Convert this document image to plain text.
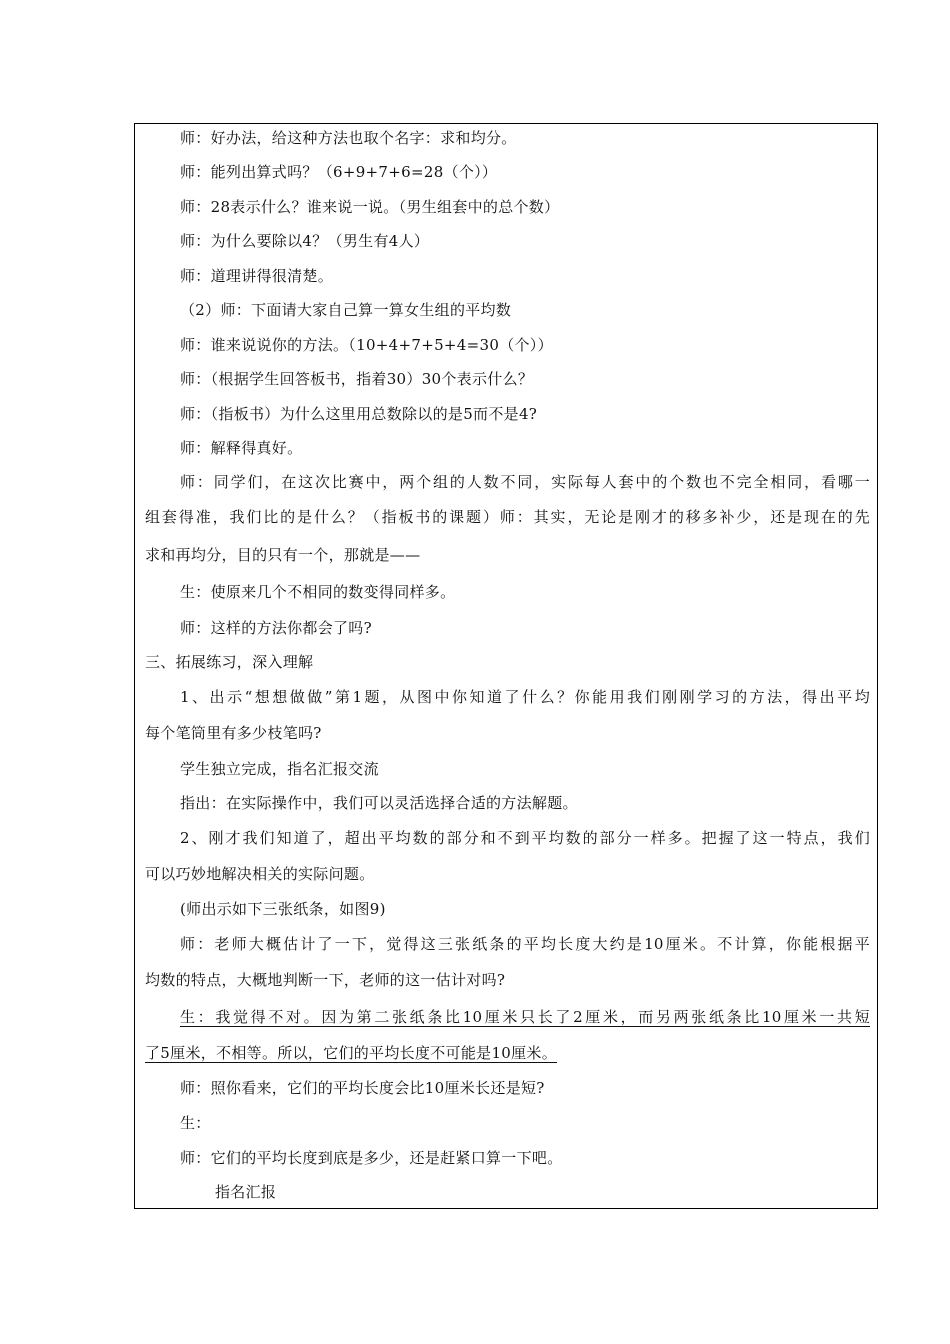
师：好办法，给这种方法也取个名字：求和均分。
师：能列出算式吗？（6+9+7+6=28（个））
师：28表示什么？谁来说一说。（男生组套中的总个数）
师：为什么要除以4？（男生有4人）
师：道理讲得很清楚。
（2）师：下面请大家自己算一算女生组的平均数
师：谁来说说你的方法。（10+4+7+5+4=30（个））
师：（根据学生回答板书，指着30）30个表示什么？
师：（指板书）为什么这里用总数除以的是5而不是4?
师：解释得真好。
师：同学们，在这次比赛中，两个组的人数不同，实际每人套中的个数也不完全相同，看哪一
组套得准，我们比的是什么？（指板书的课题）师：其实，无论是刚才的移多补少，还是现在的先
求和再均分，目的只有一个，那就是——
生：使原来几个不相同的数变得同样多。
师：这样的方法你都会了吗?
三、拓展练习，深入理解
1、出示“想想做做”第1题，从图中你知道了什么？你能用我们刚刚学习的方法，得出平均
每个笔筒里有多少枝笔吗?
学生独立完成，指名汇报交流
指出：在实际操作中，我们可以灵活选择合适的方法解题。
2、刚才我们知道了，超出平均数的部分和不到平均数的部分一样多。把握了这一特点，我们
可以巧妙地解决相关的实际问题。
(师出示如下三张纸条，如图9)
师：老师大概估计了一下，觉得这三张纸条的平均长度大约是10厘米。不计算，你能根据平
均数的特点，大概地判断一下，老师的这一估计对吗?
生：我觉得不对。因为第二张纸条比10厘米只长了2厘米，而另两张纸条比10厘米一共短
了5厘米，不相等。所以，它们的平均长度不可能是10厘米。
师：照你看来，它们的平均长度会比10厘米长还是短?
生：
师：它们的平均长度到底是多少，还是赶紧口算一下吧。
指名汇报
